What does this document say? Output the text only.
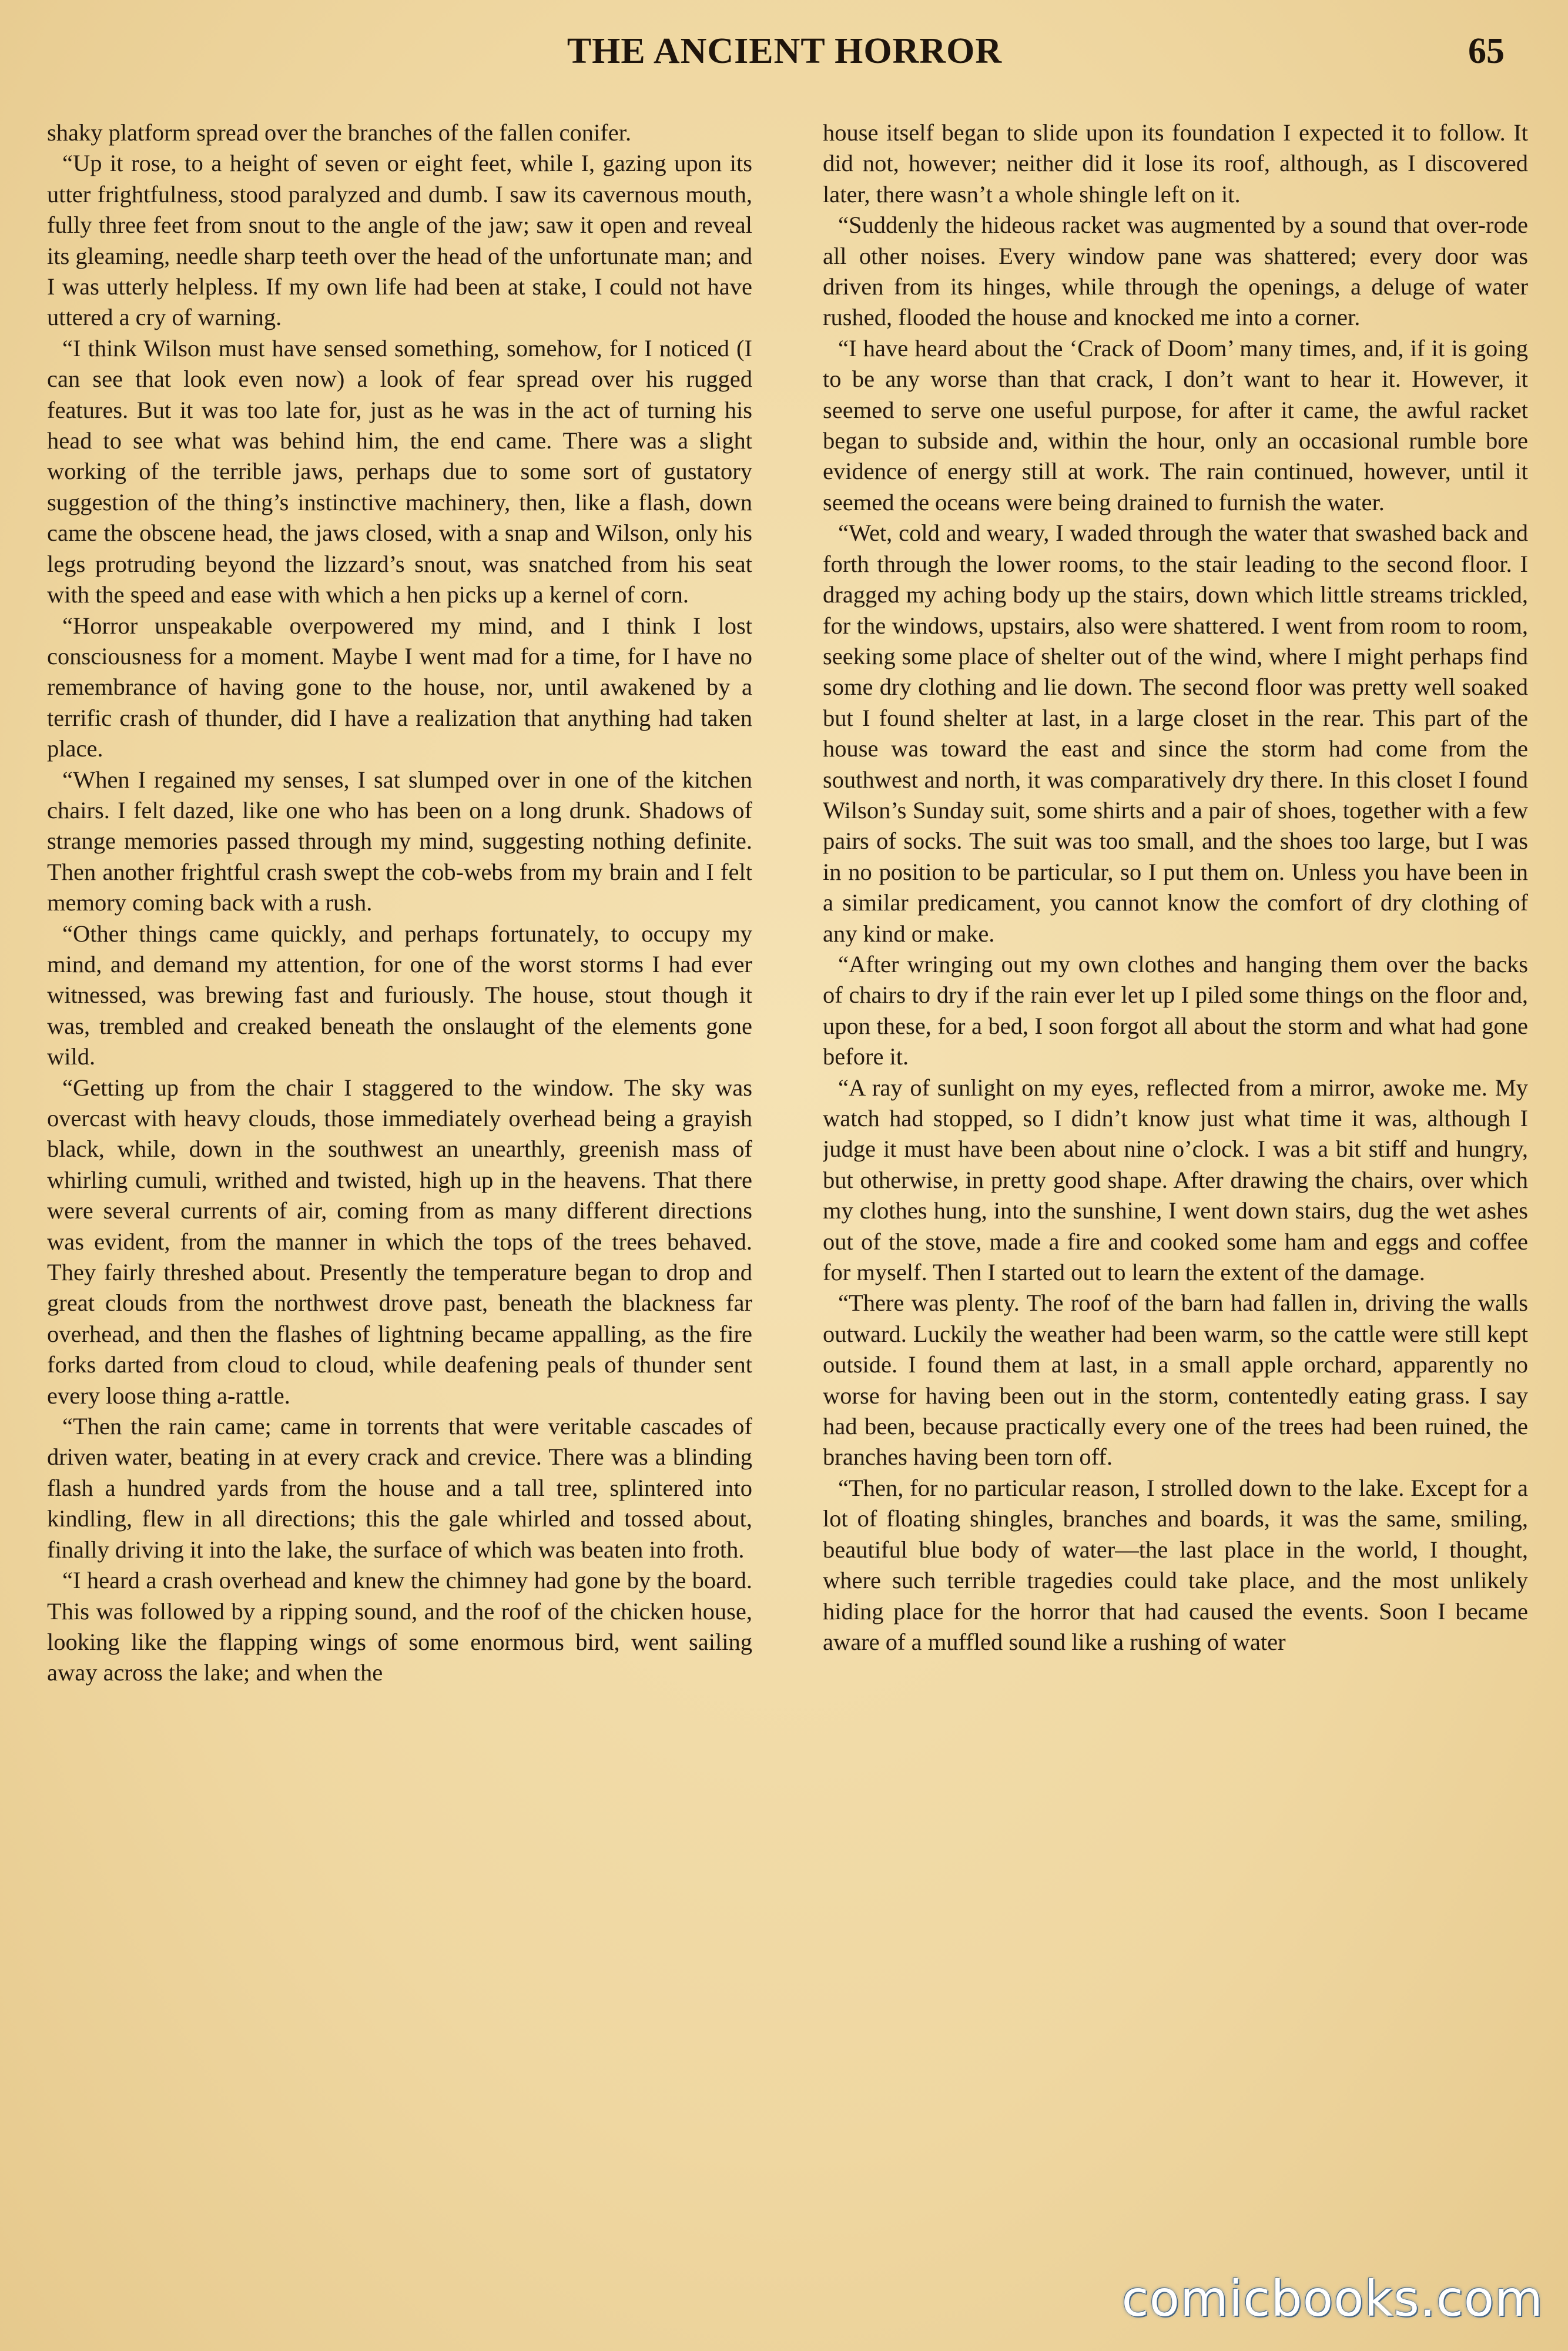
THE ANCIENT HORROR	65

shaky platform spread over the branches of the fallen conifer.

“Up it rose, to a height of seven or eight feet, while I, gazing upon its utter frightfulness, stood paralyzed and dumb. I saw its cavernous mouth, fully three feet from snout to the angle of the jaw; saw it open and reveal its gleaming, needle sharp teeth over the head of the unfortunate man; and I was utterly helpless. If my own life had been at stake, I could not have uttered a cry of warning.

“I think Wilson must have sensed something, somehow, for I noticed (I can see that look even now) a look of fear spread over his rugged features. But it was too late for, just as he was in the act of turning his head to see what was behind him, the end came. There was a slight working of the terrible jaws, perhaps due to some sort of gustatory suggestion of the thing’s instinctive machinery, then, like a flash, down came the obscene head, the jaws closed, with a snap and Wilson, only his legs protruding beyond the lizzard’s snout, was snatched from his seat with the speed and ease with which a hen picks up a kernel of corn.

“Horror unspeakable overpowered my mind, and I think I lost consciousness for a moment. Maybe I went mad for a time, for I have no remembrance of having gone to the house, nor, until awakened by a terrific crash of thunder, did I have a realization that anything had taken place.

“When I regained my senses, I sat slumped over in one of the kitchen chairs. I felt dazed, like one who has been on a long drunk. Shadows of strange memories passed through my mind, suggesting nothing definite. Then another frightful crash swept the cob-webs from my brain and I felt memory coming back with a rush.

“Other things came quickly, and perhaps fortunately, to occupy my mind, and demand my attention, for one of the worst storms I had ever witnessed, was brewing fast and furiously. The house, stout though it was, trembled and creaked beneath the onslaught of the elements gone wild.

“Getting up from the chair I staggered to the window. The sky was overcast with heavy clouds, those immediately overhead being a grayish black, while, down in the southwest an unearthly, greenish mass of whirling cumuli, writhed and twisted, high up in the heavens. That there were several currents of air, coming from as many different directions was evident, from the manner in which the tops of the trees behaved. They fairly threshed about. Presently the temperature began to drop and great clouds from the northwest drove past, beneath the blackness far overhead, and then the flashes of lightning became appalling, as the fire forks darted from cloud to cloud, while deafening peals of thunder sent every loose thing a-rattle.

“Then the rain came; came in torrents that were veritable cascades of driven water, beating in at every crack and crevice. There was a blinding flash a hundred yards from the house and a tall tree, splintered into kindling, flew in all directions; this the gale whirled and tossed about, finally driving it into the lake, the surface of which was beaten into froth.

“I heard a crash overhead and knew the chimney had gone by the board. This was followed by a ripping sound, and the roof of the chicken house, looking like the flapping wings of some enormous bird, went sailing away across the lake; and when the

house itself began to slide upon its foundation I expected it to follow. It did not, however; neither did it lose its roof, although, as I discovered later, there wasn’t a whole shingle left on it.

“Suddenly the hideous racket was augmented by a sound that over-rode all other noises. Every window pane was shattered; every door was driven from its hinges, while through the openings, a deluge of water rushed, flooded the house and knocked me into a corner.

“I have heard about the ‘Crack of Doom’ many times, and, if it is going to be any worse than that crack, I don’t want to hear it. However, it seemed to serve one useful purpose, for after it came, the awful racket began to subside and, within the hour, only an occasional rumble bore evidence of energy still at work. The rain continued, however, until it seemed the oceans were being drained to furnish the water.

“Wet, cold and weary, I waded through the water that swashed back and forth through the lower rooms, to the stair leading to the second floor. I dragged my aching body up the stairs, down which little streams trickled, for the windows, upstairs, also were shattered. I went from room to room, seeking some place of shelter out of the wind, where I might perhaps find some dry clothing and lie down. The second floor was pretty well soaked but I found shelter at last, in a large closet in the rear. This part of the house was toward the east and since the storm had come from the southwest and north, it was comparatively dry there. In this closet I found Wilson’s Sunday suit, some shirts and a pair of shoes, together with a few pairs of socks. The suit was too small, and the shoes too large, but I was in no position to be particular, so I put them on. Unless you have been in a similar predicament, you cannot know the comfort of dry clothing of any kind or make.

“After wringing out my own clothes and hanging them over the backs of chairs to dry if the rain ever let up I piled some things on the floor and, upon these, for a bed, I soon forgot all about the storm and what had gone before it.

“A ray of sunlight on my eyes, reflected from a mirror, awoke me. My watch had stopped, so I didn’t know just what time it was, although I judge it must have been about nine o’clock. I was a bit stiff and hungry, but otherwise, in pretty good shape. After drawing the chairs, over which my clothes hung, into the sunshine, I went down stairs, dug the wet ashes out of the stove, made a fire and cooked some ham and eggs and coffee for myself. Then I started out to learn the extent of the damage.

“There was plenty. The roof of the barn had fallen in, driving the walls outward. Luckily the weather had been warm, so the cattle were still kept outside. I found them at last, in a small apple orchard, apparently no worse for having been out in the storm, contentedly eating grass. I say had been, because practically every one of the trees had been ruined, the branches having been torn off.

“Then, for no particular reason, I strolled down to the lake. Except for a lot of floating shingles, branches and boards, it was the same, smiling, beautiful blue body of water—the last place in the world, I thought, where such terrible tragedies could take place, and the most unlikely hiding place for the horror that had caused the events. Soon I became aware of a muffled sound like a rushing of water

comicbooks.com
